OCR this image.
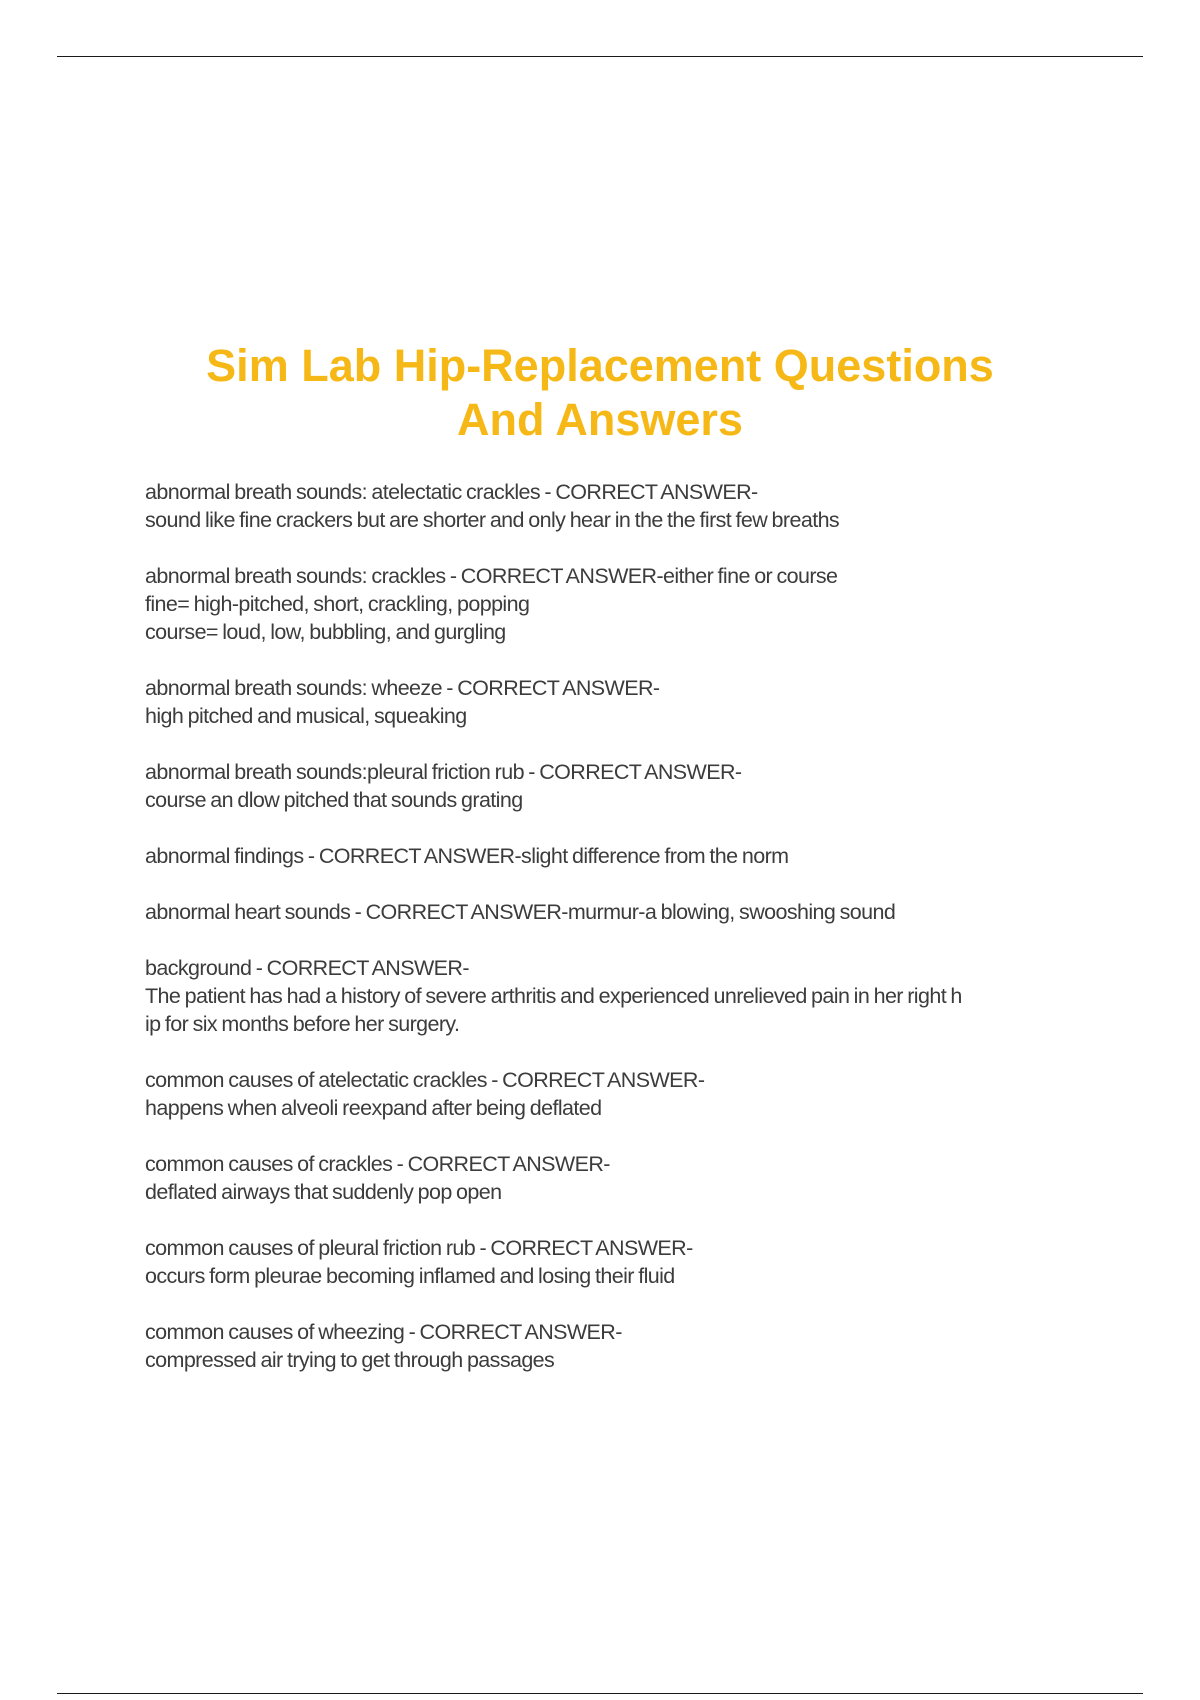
Sim Lab Hip-Replacement Questions
And Answers
abnormal breath sounds: atelectatic crackles - CORRECT ANSWER-
sound like fine crackers but are shorter and only hear in the the first few breaths
abnormal breath sounds: crackles - CORRECT ANSWER-either fine or course
fine= high-pitched, short, crackling, popping
course= loud, low, bubbling, and gurgling
abnormal breath sounds: wheeze - CORRECT ANSWER-
high pitched and musical, squeaking
abnormal breath sounds:pleural friction rub - CORRECT ANSWER-
course an dlow pitched that sounds grating
abnormal findings - CORRECT ANSWER-slight difference from the norm
abnormal heart sounds - CORRECT ANSWER-murmur-a blowing, swooshing sound
background - CORRECT ANSWER-
The patient has had a history of severe arthritis and experienced unrelieved pain in her right h
ip for six months before her surgery.
common causes of atelectatic crackles - CORRECT ANSWER-
happens when alveoli reexpand after being deflated
common causes of crackles - CORRECT ANSWER-
deflated airways that suddenly pop open
common causes of pleural friction rub - CORRECT ANSWER-
occurs form pleurae becoming inflamed and losing their fluid
common causes of wheezing - CORRECT ANSWER-
compressed air trying to get through passages
